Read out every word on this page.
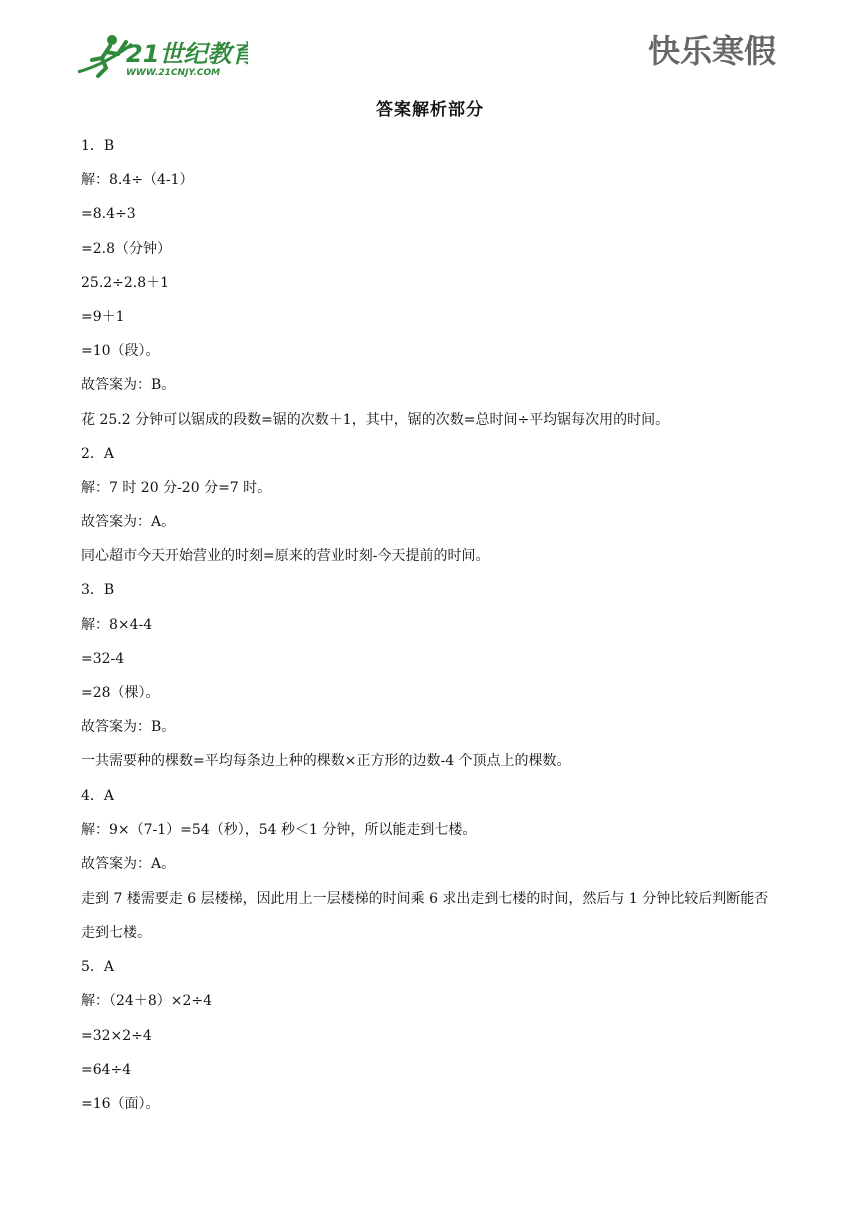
21世纪教育
WWW.21CNJY.COM
快乐寒假
答案解析部分
1．B
解：8.4÷（4-1）
=8.4÷3
=2.8（分钟）
25.2÷2.8＋1
=9＋1
=10（段）。
故答案为：B。
花 25.2 分钟可以锯成的段数=锯的次数＋1，其中，锯的次数=总时间÷平均锯每次用的时间。
2．A
解：7 时 20 分-20 分=7 时。
故答案为：A。
同心超市今天开始营业的时刻=原来的营业时刻-今天提前的时间。
3．B
解：8×4-4
=32-4
=28（棵）。
故答案为：B。
一共需要种的棵数=平均每条边上种的棵数×正方形的边数-4 个顶点上的棵数。
4．A
解：9×（7-1）=54（秒），54 秒＜1 分钟，所以能走到七楼。
故答案为：A。
走到 7 楼需要走 6 层楼梯，因此用上一层楼梯的时间乘 6 求出走到七楼的时间，然后与 1 分钟比较后判断能否走到七楼。
5．A
解：（24＋8）×2÷4
=32×2÷4
=64÷4
=16（面）。
